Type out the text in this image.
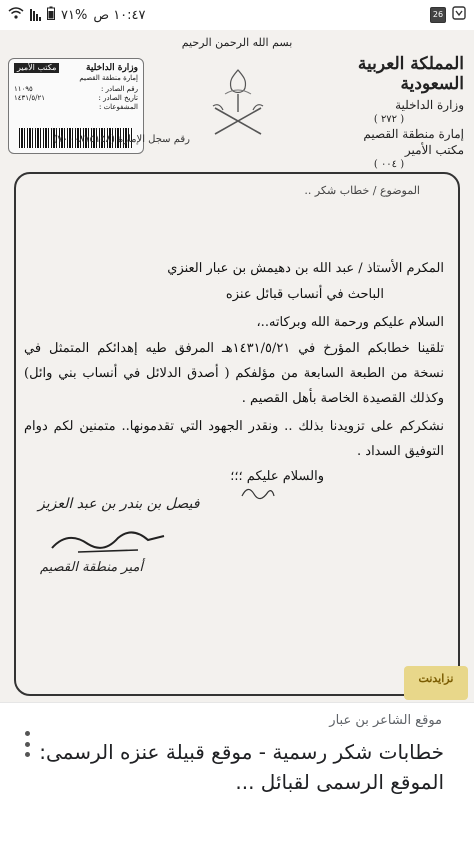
١٠:٤٧ ص
%٧١	26
بسم الله الرحمن الرحيم
المملكة العربية السعودية
وزارة الداخلية
( ٢٧٢ )
إمارة منطقة القصيم
مكتب الأمير
( ٠٠٤ )
وزارة الداخلية
مكتب الأمير
إمارة منطقة القصيم
رقم الصادر :
١١٠٩٥
تاريخ الصادر :
١٤٣١/٥/٢١
المشفوعات :
رقم سجل الإمارة (٧٠٠٠٨٧٥١٥٨)
الموضوع / خطاب شكر ..
المكرم الأستاذ / عبد الله بن دهيمش بن عبار العنزي
الباحث في أنساب قبائل عنزه
السلام عليكم ورحمة الله وبركاته..،
تلقينا خطابكم المؤرخ في ١٤٣١/٥/٢١هـ المرفق طيه إهدائكم المتمثل في نسخة من الطبعة السابعة من مؤلفكم ( أصدق الدلائل في أنساب بني وائل) وكذلك القصيدة الخاصة بأهل القصيم .
نشكركم على تزويدنا بذلك .. ونقدر الجهود التي تقدمونها.. متمنين لكم دوام التوفيق السداد .
والسلام عليكم ؛؛؛
فيصل بن بندر بن عبد العزيز
أمير منطقة القصيم
نزايدنت
موقع الشاعر بن عبار
خطابات شكر رسمية - موقع قبيلة عنزه الرسمى: الموقع الرسمى لقبائل ...
